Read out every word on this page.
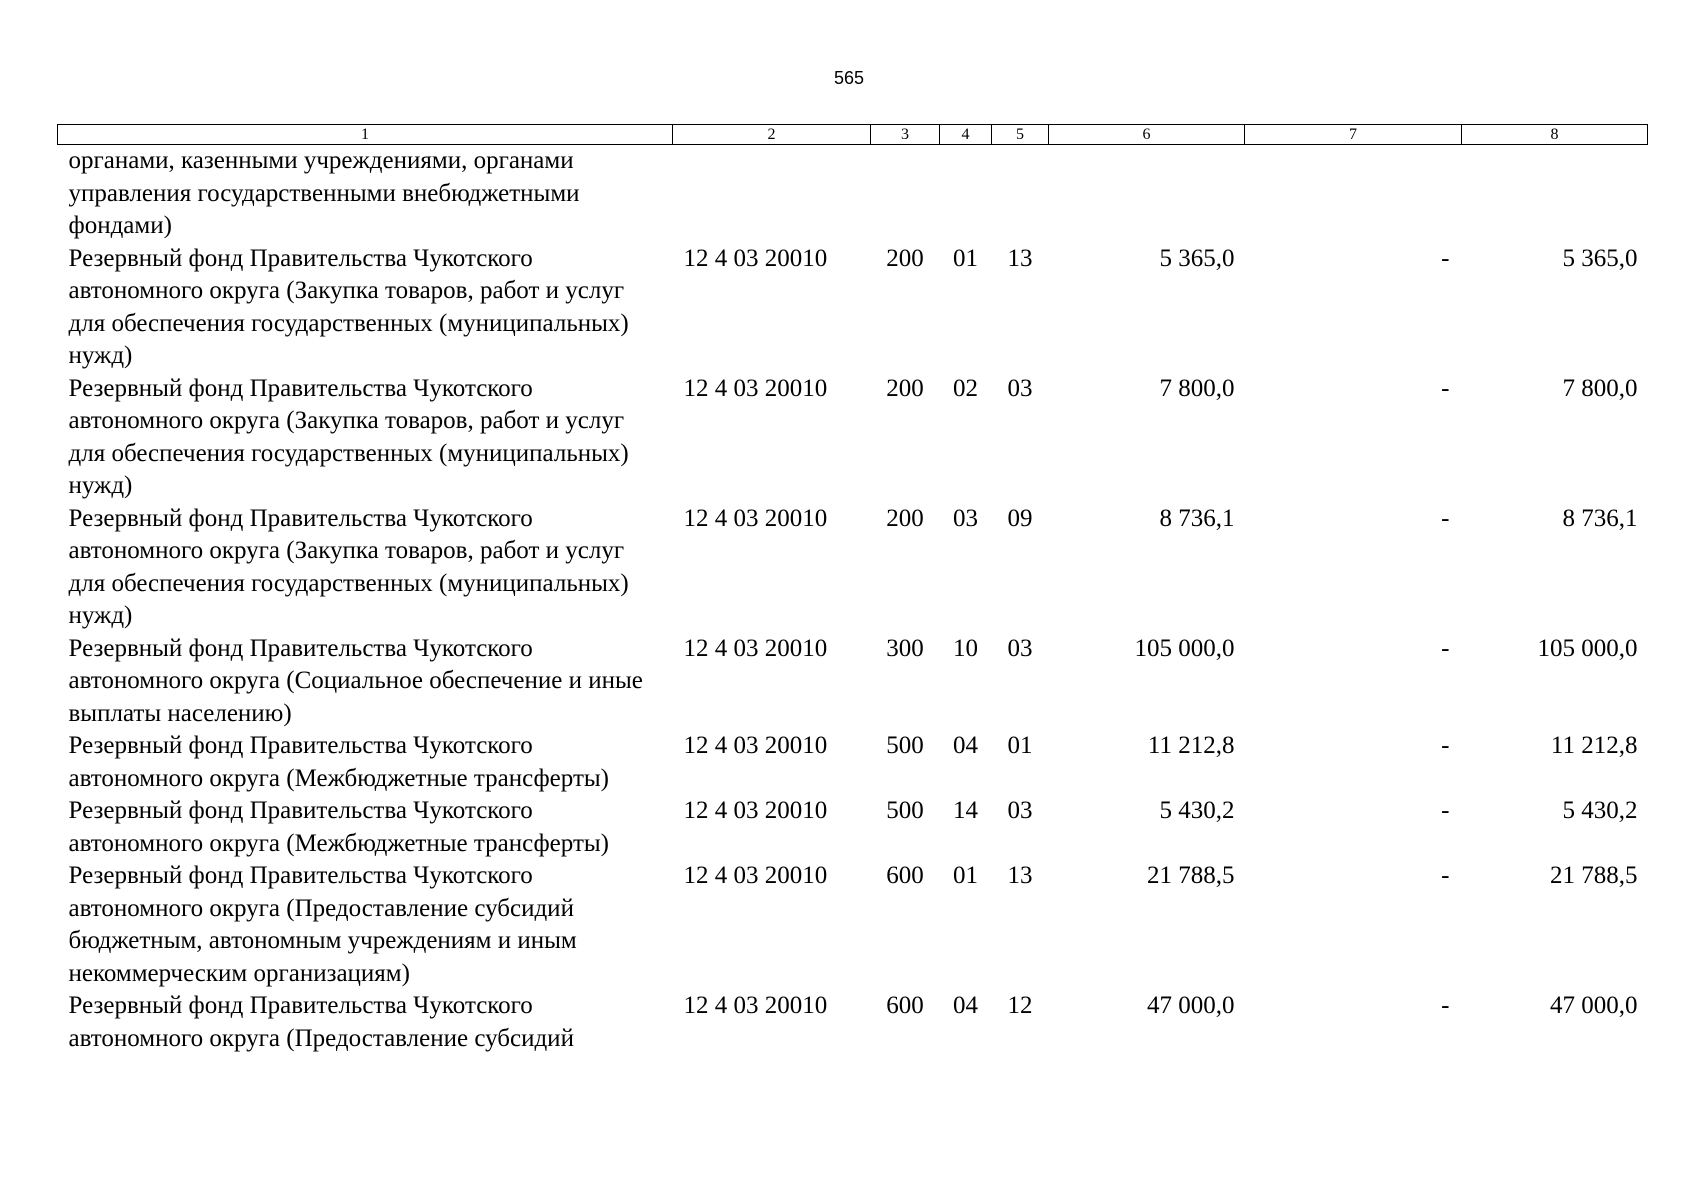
565
1	2	3	4	5	6	7	8
органами, казенными учреждениями, органами управления государственными внебюджетными фондами)							
Резервный фонд Правительства Чукотского автономного округа (Закупка товаров, работ и услуг для обеспечения государственных (муниципальных) нужд)	12 4 03 20010	200	01	13	5 365,0	-	5 365,0
Резервный фонд Правительства Чукотского автономного округа (Закупка товаров, работ и услуг для обеспечения государственных (муниципальных) нужд)	12 4 03 20010	200	02	03	7 800,0	-	7 800,0
Резервный фонд Правительства Чукотского автономного округа (Закупка товаров, работ и услуг для обеспечения государственных (муниципальных) нужд)	12 4 03 20010	200	03	09	8 736,1	-	8 736,1
Резервный фонд Правительства Чукотского автономного округа (Социальное обеспечение и иные выплаты населению)	12 4 03 20010	300	10	03	105 000,0	-	105 000,0
Резервный фонд Правительства Чукотского автономного округа (Межбюджетные трансферты)	12 4 03 20010	500	04	01	11 212,8	-	11 212,8
Резервный фонд Правительства Чукотского автономного округа (Межбюджетные трансферты)	12 4 03 20010	500	14	03	5 430,2	-	5 430,2
Резервный фонд Правительства Чукотского автономного округа (Предоставление субсидий бюджетным, автономным учреждениям и иным некоммерческим организациям)	12 4 03 20010	600	01	13	21 788,5	-	21 788,5
Резервный фонд Правительства Чукотского автономного округа (Предоставление субсидий	12 4 03 20010	600	04	12	47 000,0	-	47 000,0
